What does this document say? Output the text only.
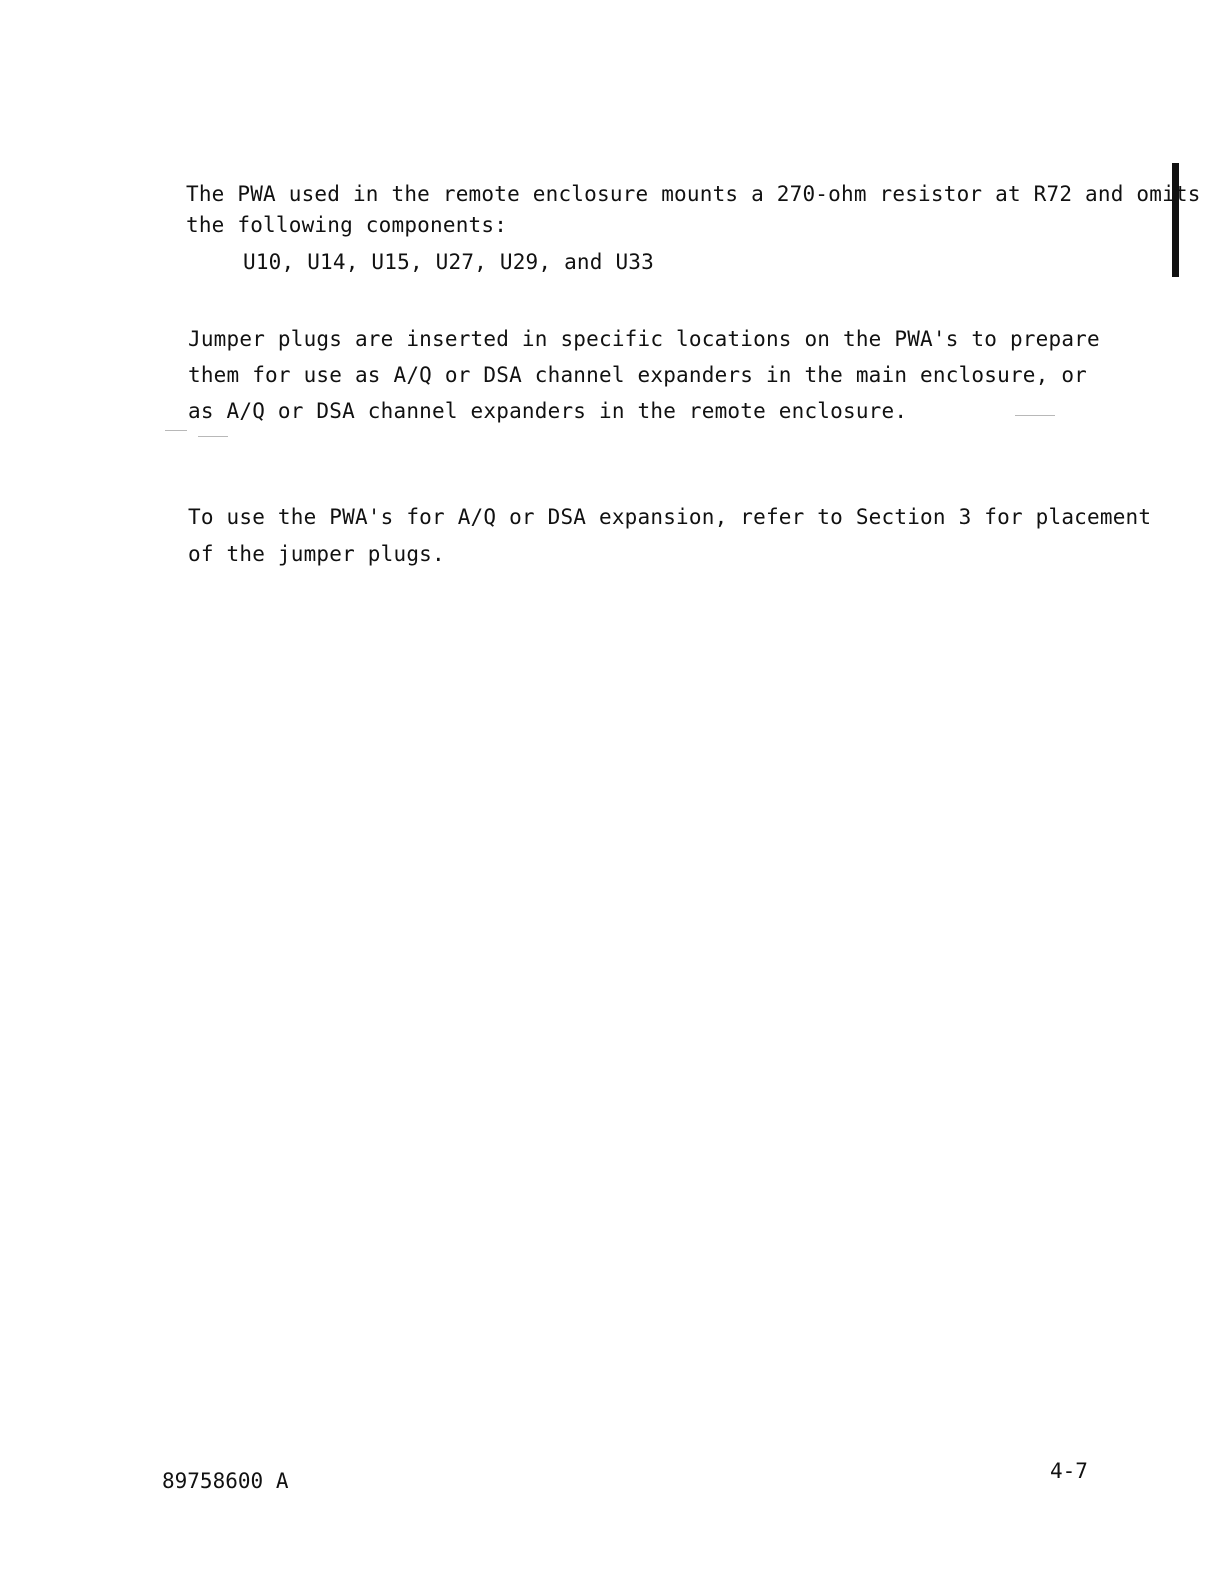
The PWA used in the remote enclosure mounts a 270-ohm resistor at R72 and omits
the following components:
U10, U14, U15, U27, U29, and U33
Jumper plugs are inserted in specific locations on the PWA's to prepare
them for use as A/Q or DSA channel expanders in the main enclosure, or
as A/Q or DSA channel expanders in the remote enclosure.
To use the PWA's for A/Q or DSA expansion, refer to Section 3 for placement
of the jumper plugs.
89758600 A	4-7
